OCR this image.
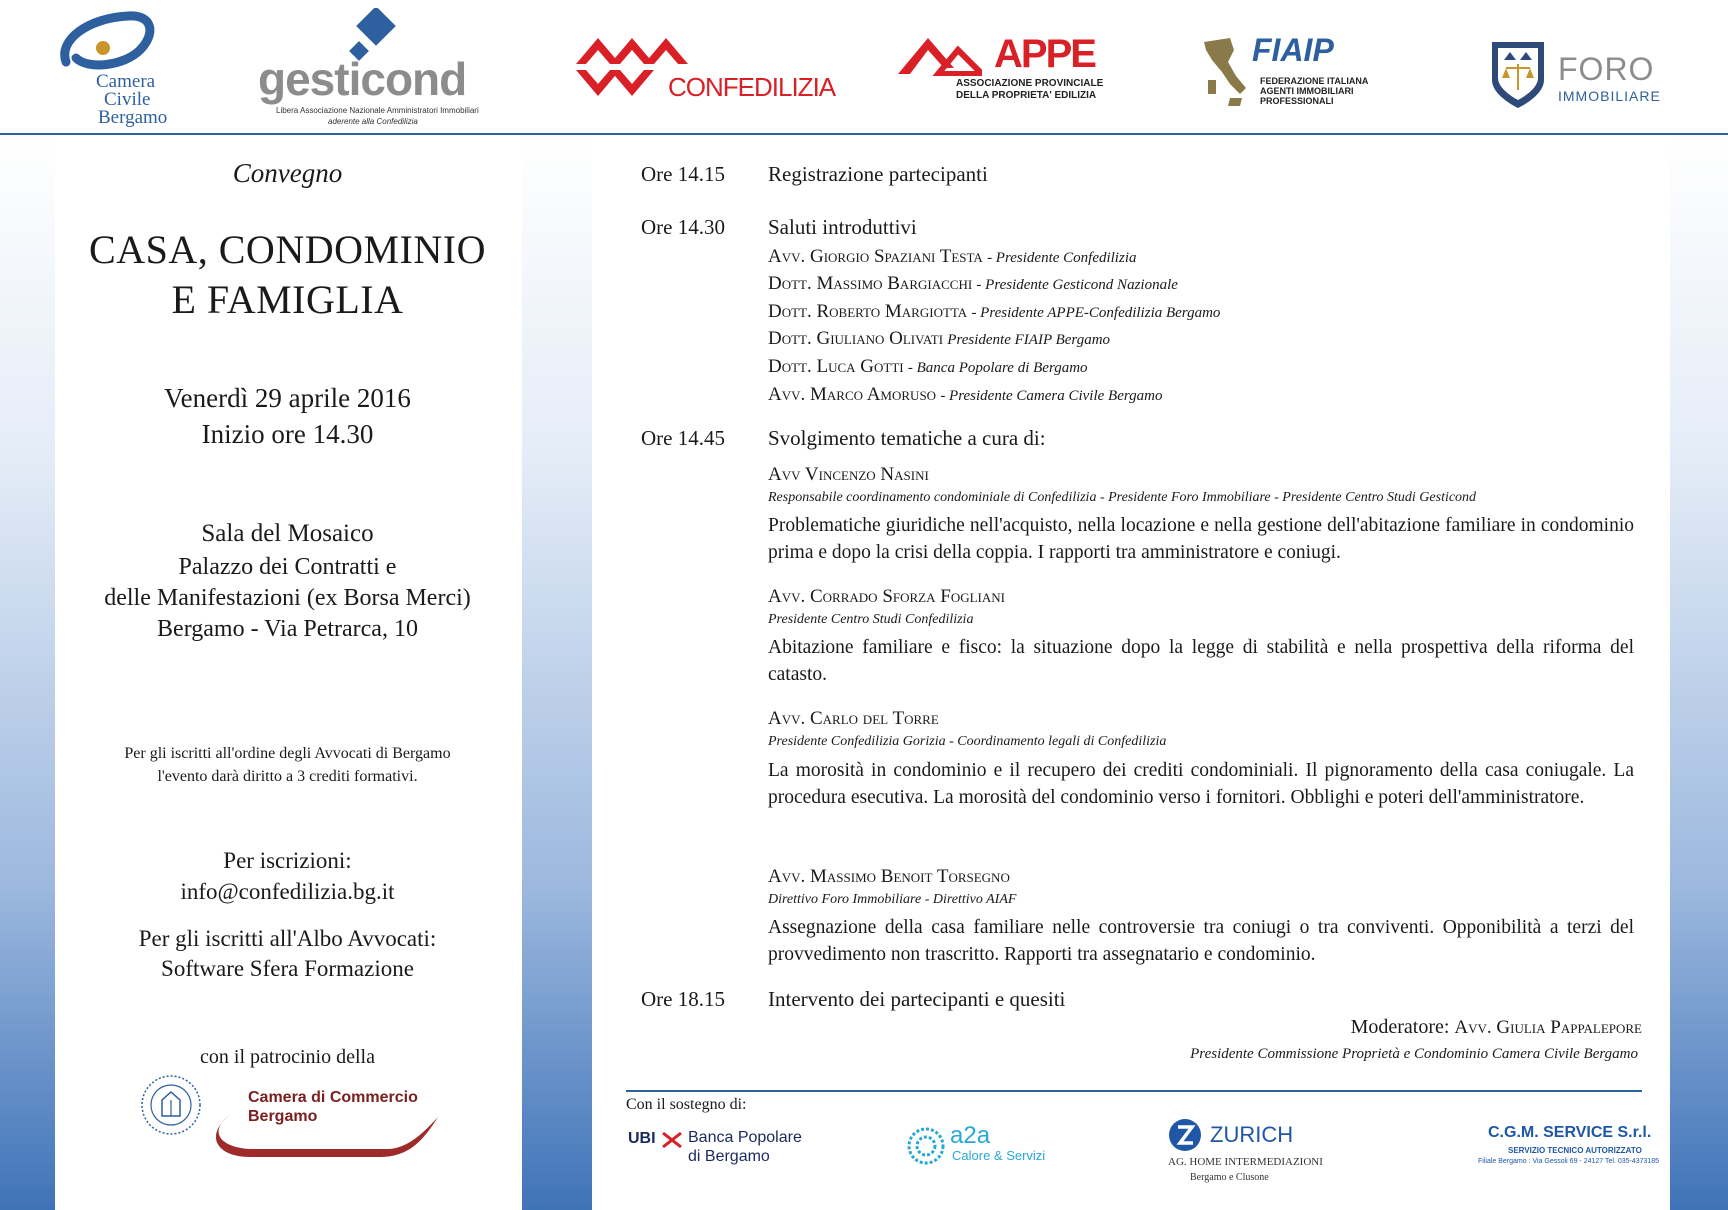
Camera
Civile
Bergamo
gesticond
Libera Associazione Nazionale Amministratori Immobiliari
aderente alla Confedilizia
CONFEDILIZIA
APPE
ASSOCIAZIONE PROVINCIALE
DELLA PROPRIETA' EDILIZIA
FIAIP
FEDERAZIONE ITALIANA
AGENTI IMMOBILIARI
PROFESSIONALI
FORO
IMMOBILIARE
Convegno
CASA, CONDOMINIO
E FAMIGLIA
Venerdì 29 aprile 2016
Inizio ore 14.30
Sala del Mosaico
Palazzo dei Contratti e
delle Manifestazioni (ex Borsa Merci)
Bergamo - Via Petrarca, 10
Per gli iscritti all'ordine degli Avvocati di Bergamo
l'evento darà diritto a 3 crediti formativi.
Per iscrizioni:
info@confedilizia.bg.it
Per gli iscritti all'Albo Avvocati:
Software Sfera Formazione
con il patrocinio della
Camera di Commercio
Bergamo
Ore 14.15 Registrazione partecipanti
Ore 14.30 Saluti introduttivi
Avv. Giorgio Spaziani Testa - Presidente Confedilizia
Dott. Massimo Bargiacchi - Presidente Gesticond Nazionale
Dott. Roberto Margiotta - Presidente APPE-Confedilizia Bergamo
Dott. Giuliano Olivati Presidente FIAIP Bergamo
Dott. Luca Gotti - Banca Popolare di Bergamo
Avv. Marco Amoruso - Presidente Camera Civile Bergamo
Ore 14.45 Svolgimento tematiche a cura di:
Avv Vincenzo Nasini
Responsabile coordinamento condominiale di Confedilizia - Presidente Foro Immobiliare - Presidente Centro Studi Gesticond
Problematiche giuridiche nell'acquisto, nella locazione e nella gestione dell'abitazione familiare in condominio prima e dopo la crisi della coppia. I rapporti tra amministratore e coniugi.
Avv. Corrado Sforza Fogliani
Presidente Centro Studi Confedilizia
Abitazione familiare e fisco: la situazione dopo la legge di stabilità e nella prospettiva della riforma del catasto.
Avv. Carlo del Torre
Presidente Confedilizia Gorizia - Coordinamento legali di Confedilizia
La morosità in condominio e il recupero dei crediti condominiali. Il pignoramento della casa coniugale. La procedura esecutiva. La morosità del condominio verso i fornitori. Obblighi e poteri dell'amministratore.
Avv. Massimo Benoit Torsegno
Direttivo Foro Immobiliare - Direttivo AIAF
Assegnazione della casa familiare nelle controversie tra coniugi o tra conviventi. Opponibilità a terzi del provvedimento non trascritto. Rapporti tra assegnatario e condominio.
Ore 18.15 Intervento dei partecipanti e quesiti
Moderatore: Avv. Giulia Pappalepore
Presidente Commissione Proprietà e Condominio Camera Civile Bergamo
Con il sostegno di:
UBI Banca Popolare
di Bergamo
a2a
Calore & Servizi
ZURICH
AG. HOME INTERMEDIAZIONI
Bergamo e Clusone
C.G.M. SERVICE S.r.l.
SERVIZIO TECNICO AUTORIZZATO
Filiale Bergamo : Via Gessoli 69 - 24127 Tel. 035-4373185
